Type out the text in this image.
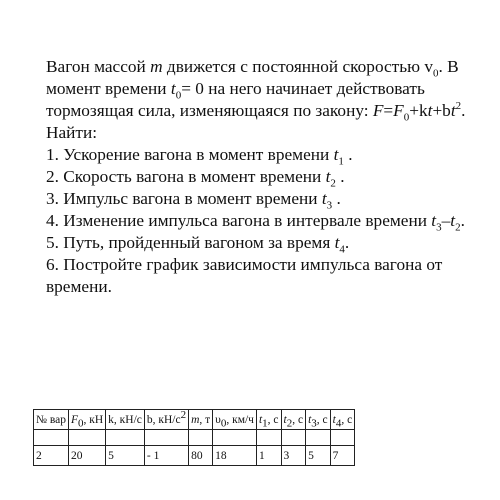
Вагон массой m движется с постоянной скоростью $v_0$. В момент времени $t_0= 0$ на него начинает действовать тормозящая сила, изменяющаяся по закону: $F=F_0+kt+bt^2$. Найти:

1. Ускорение вагона в момент времени $t_1$ .

2. Скорость вагона в момент времени $t_2$ .

3. Импульс вагона в момент времени $t_3$ .

4. Изменение импульса вагона в интервале времени $t_3-t_2$.

5. Путь, пройденный вагоном за время $t_4$.

6. Постройте график зависимости импульса вагона от времени.

№ вар	$F_0$, кН	k, кН/с	b, $кН/с^2$	m, т	$\upsilon_0$, км/ч	$t_1$, с	$t_2$, с	$t_3$, с	$t_4$, с

2	20	5	- 1	80	18	1	3	5	7
